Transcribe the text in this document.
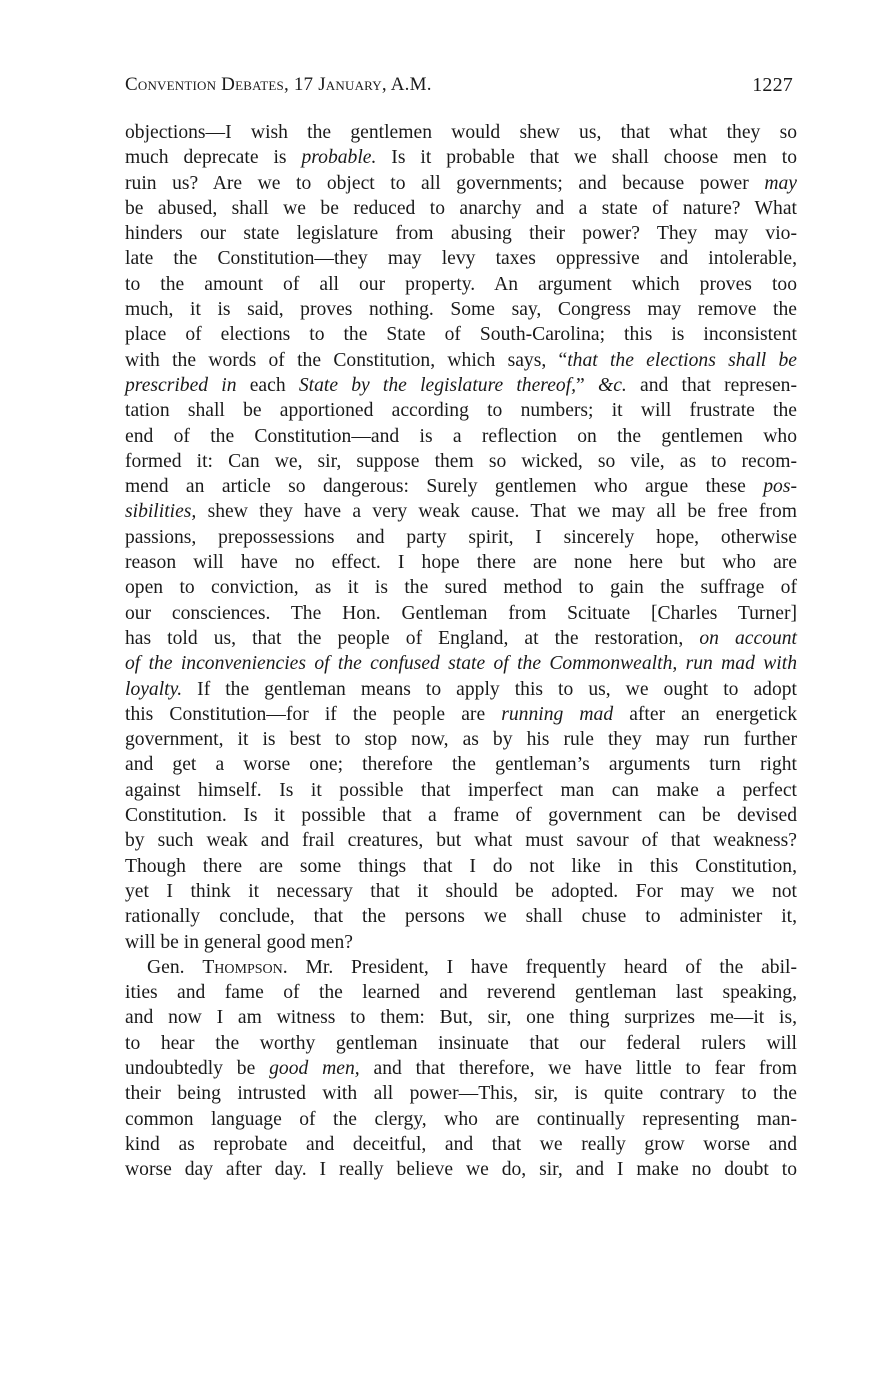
Convention Debates, 17 January, A.M.	1227
objections—I wish the gentlemen would shew us, that what they so
much deprecate is probable. Is it probable that we shall choose men to
ruin us? Are we to object to all governments; and because power may
be abused, shall we be reduced to anarchy and a state of nature? What
hinders our state legislature from abusing their power? They may vio-
late the Constitution—they may levy taxes oppressive and intolerable,
to the amount of all our property. An argument which proves too
much, it is said, proves nothing. Some say, Congress may remove the
place of elections to the State of South-Carolina; this is inconsistent
with the words of the Constitution, which says, “that the elections shall be
prescribed in each State by the legislature thereof,” &c. and that represen-
tation shall be apportioned according to numbers; it will frustrate the
end of the Constitution—and is a reflection on the gentlemen who
formed it: Can we, sir, suppose them so wicked, so vile, as to recom-
mend an article so dangerous: Surely gentlemen who argue these pos-
sibilities, shew they have a very weak cause. That we may all be free from
passions, prepossessions and party spirit, I sincerely hope, otherwise
reason will have no effect. I hope there are none here but who are
open to conviction, as it is the sured method to gain the suffrage of
our consciences. The Hon. Gentleman from Scituate [Charles Turner]
has told us, that the people of England, at the restoration, on account
of the inconveniencies of the confused state of the Commonwealth, run mad with
loyalty. If the gentleman means to apply this to us, we ought to adopt
this Constitution—for if the people are running mad after an energetick
government, it is best to stop now, as by his rule they may run further
and get a worse one; therefore the gentleman’s arguments turn right
against himself. Is it possible that imperfect man can make a perfect
Constitution. Is it possible that a frame of government can be devised
by such weak and frail creatures, but what must savour of that weakness?
Though there are some things that I do not like in this Constitution,
yet I think it necessary that it should be adopted. For may we not
rationally conclude, that the persons we shall chuse to administer it,
will be in general good men?
Gen. Thompson. Mr. President, I have frequently heard of the abil-
ities and fame of the learned and reverend gentleman last speaking,
and now I am witness to them: But, sir, one thing surprizes me—it is,
to hear the worthy gentleman insinuate that our federal rulers will
undoubtedly be good men, and that therefore, we have little to fear from
their being intrusted with all power—This, sir, is quite contrary to the
common language of the clergy, who are continually representing man-
kind as reprobate and deceitful, and that we really grow worse and
worse day after day. I really believe we do, sir, and I make no doubt to
